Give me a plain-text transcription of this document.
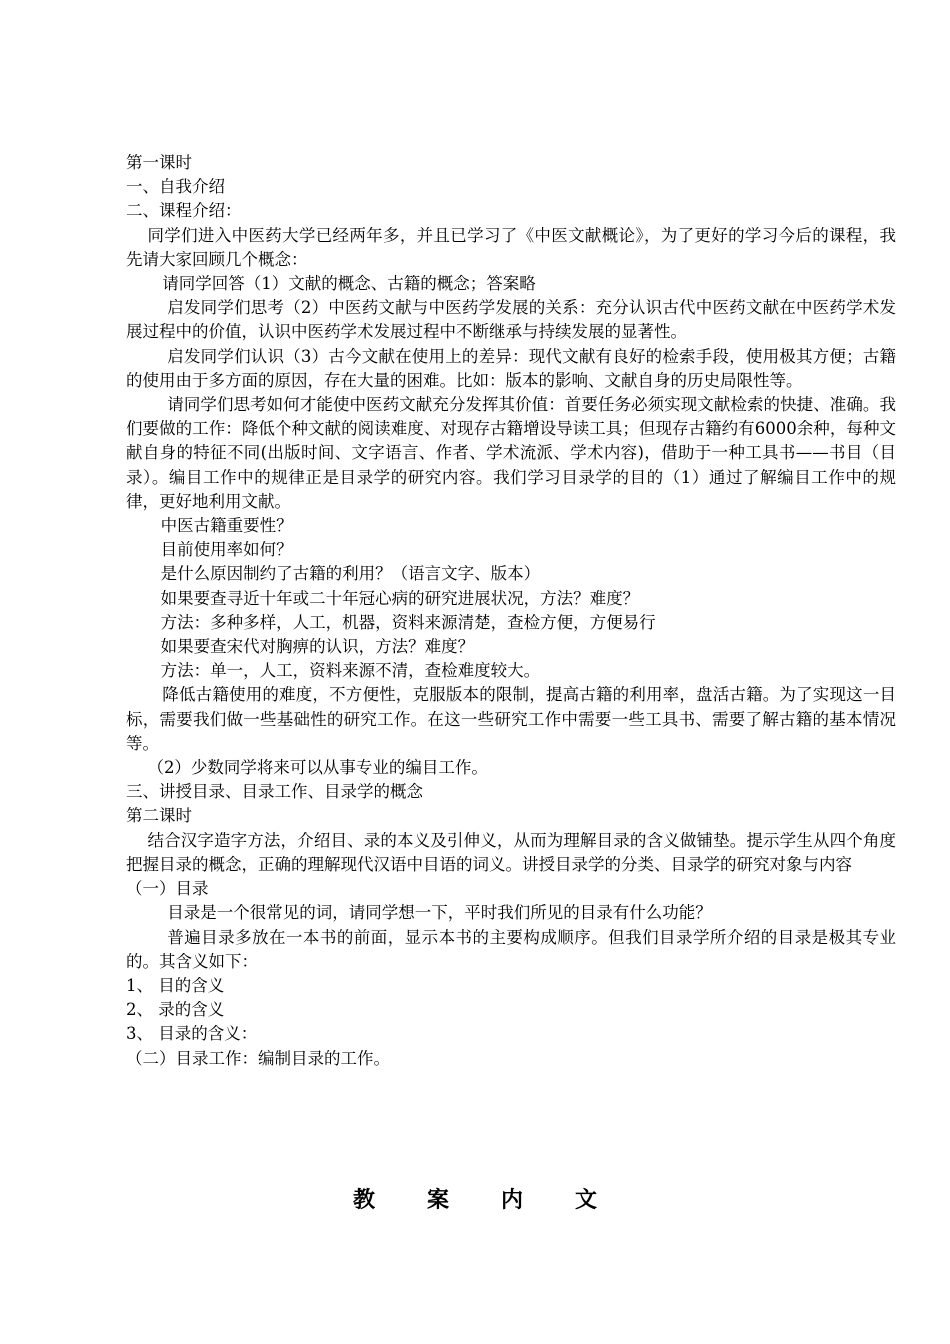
第一课时
一、自我介绍
二、课程介绍：
同学们进入中医药大学已经两年多，并且已学习了《中医文献概论》，为了更好的学习今后的课程，我先请大家回顾几个概念：
请同学回答（1）文献的概念、古籍的概念；答案略
启发同学们思考（2）中医药文献与中医药学发展的关系：充分认识古代中医药文献在中医药学术发展过程中的价值，认识中医药学术发展过程中不断继承与持续发展的显著性。
启发同学们认识（3）古今文献在使用上的差异：现代文献有良好的检索手段，使用极其方便；古籍的使用由于多方面的原因，存在大量的困难。比如：版本的影响、文献自身的历史局限性等。
请同学们思考如何才能使中医药文献充分发挥其价值：首要任务必须实现文献检索的快捷、准确。我们要做的工作：降低个种文献的阅读难度、对现存古籍增设导读工具；但现存古籍约有6000余种，每种文献自身的特征不同(出版时间、文字语言、作者、学术流派、学术内容)，借助于一种工具书——书目（目录）。编目工作中的规律正是目录学的研究内容。我们学习目录学的目的（1）通过了解编目工作中的规律，更好地利用文献。
中医古籍重要性？
目前使用率如何？
是什么原因制约了古籍的利用？（语言文字、版本）
如果要查寻近十年或二十年冠心病的研究进展状况，方法？难度？
方法：多种多样，人工，机器，资料来源清楚，查检方便，方便易行
如果要查宋代对胸痹的认识，方法？难度？
方法：单一，人工，资料来源不清，查检难度较大。
降低古籍使用的难度，不方便性，克服版本的限制，提高古籍的利用率，盘活古籍。为了实现这一目标，需要我们做一些基础性的研究工作。在这一些研究工作中需要一些工具书、需要了解古籍的基本情况等。
（2）少数同学将来可以从事专业的编目工作。
三、讲授目录、目录工作、目录学的概念
第二课时
结合汉字造字方法，介绍目、录的本义及引伸义，从而为理解目录的含义做铺垫。提示学生从四个角度把握目录的概念，正确的理解现代汉语中目语的词义。讲授目录学的分类、目录学的研究对象与内容
（一）目录
目录是一个很常见的词，请同学想一下，平时我们所见的目录有什么功能？
普遍目录多放在一本书的前面，显示本书的主要构成顺序。但我们目录学所介绍的目录是极其专业的。其含义如下：
1、 目的含义
2、 录的含义
3、 目录的含义：
（二）目录工作：编制目录的工作。
教案内文
